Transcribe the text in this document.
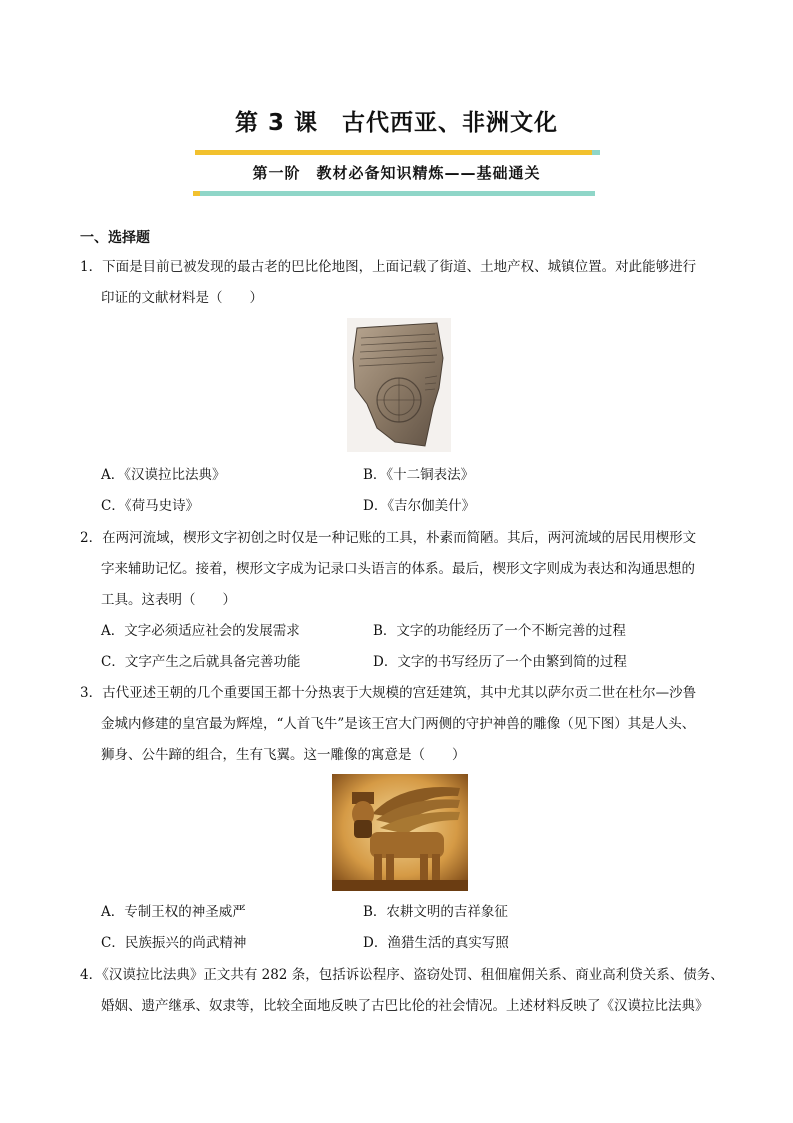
第 3 课　古代西亚、非洲文化
第一阶　教材必备知识精炼——基础通关
一、选择题
1．下面是目前已被发现的最古老的巴比伦地图，上面记载了街道、土地产权、城镇位置。对此能够进行
印证的文献材料是（　　）
A．《汉谟拉比法典》	B．《十二铜表法》
C．《荷马史诗》	D．《吉尔伽美什》
2．在两河流域，楔形文字初创之时仅是一种记账的工具，朴素而简陋。其后，两河流域的居民用楔形文
字来辅助记忆。接着，楔形文字成为记录口头语言的体系。最后，楔形文字则成为表达和沟通思想的
工具。这表明（　　）
A．文字必须适应社会的发展需求	B．文字的功能经历了一个不断完善的过程
C．文字产生之后就具备完善功能	D．文字的书写经历了一个由繁到简的过程
3．古代亚述王朝的几个重要国王都十分热衷于大规模的宫廷建筑，其中尤其以萨尔贡二世在杜尔—沙鲁
金城内修建的皇宫最为辉煌，“人首飞牛”是该王宫大门两侧的守护神兽的雕像（见下图）其是人头、
狮身、公牛蹄的组合，生有飞翼。这一雕像的寓意是（　　）
A．专制王权的神圣威严	B．农耕文明的吉祥象征
C．民族振兴的尚武精神	D．渔猎生活的真实写照
4．《汉谟拉比法典》正文共有 282 条，包括诉讼程序、盗窃处罚、租佃雇佣关系、商业高利贷关系、债务、
婚姻、遗产继承、奴隶等，比较全面地反映了古巴比伦的社会情况。上述材料反映了《汉谟拉比法典》
